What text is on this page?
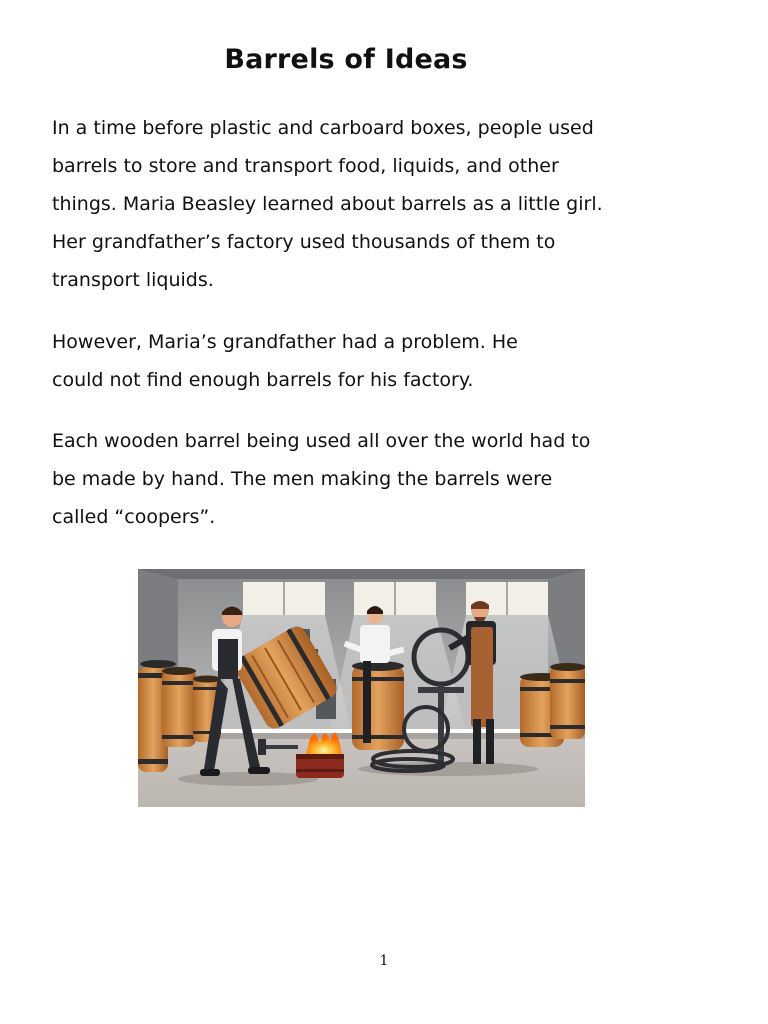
Barrels of Ideas

In a time before plastic and carboard boxes, people used
barrels to store and transport food, liquids, and other
things. Maria Beasley learned about barrels as a little girl.
Her grandfather’s factory used thousands of them to
transport liquids.

However, Maria’s grandfather had a problem. He
could not find enough barrels for his factory.

Each wooden barrel being used all over the world had to
be made by hand. The men making the barrels were
called “coopers”.

1
